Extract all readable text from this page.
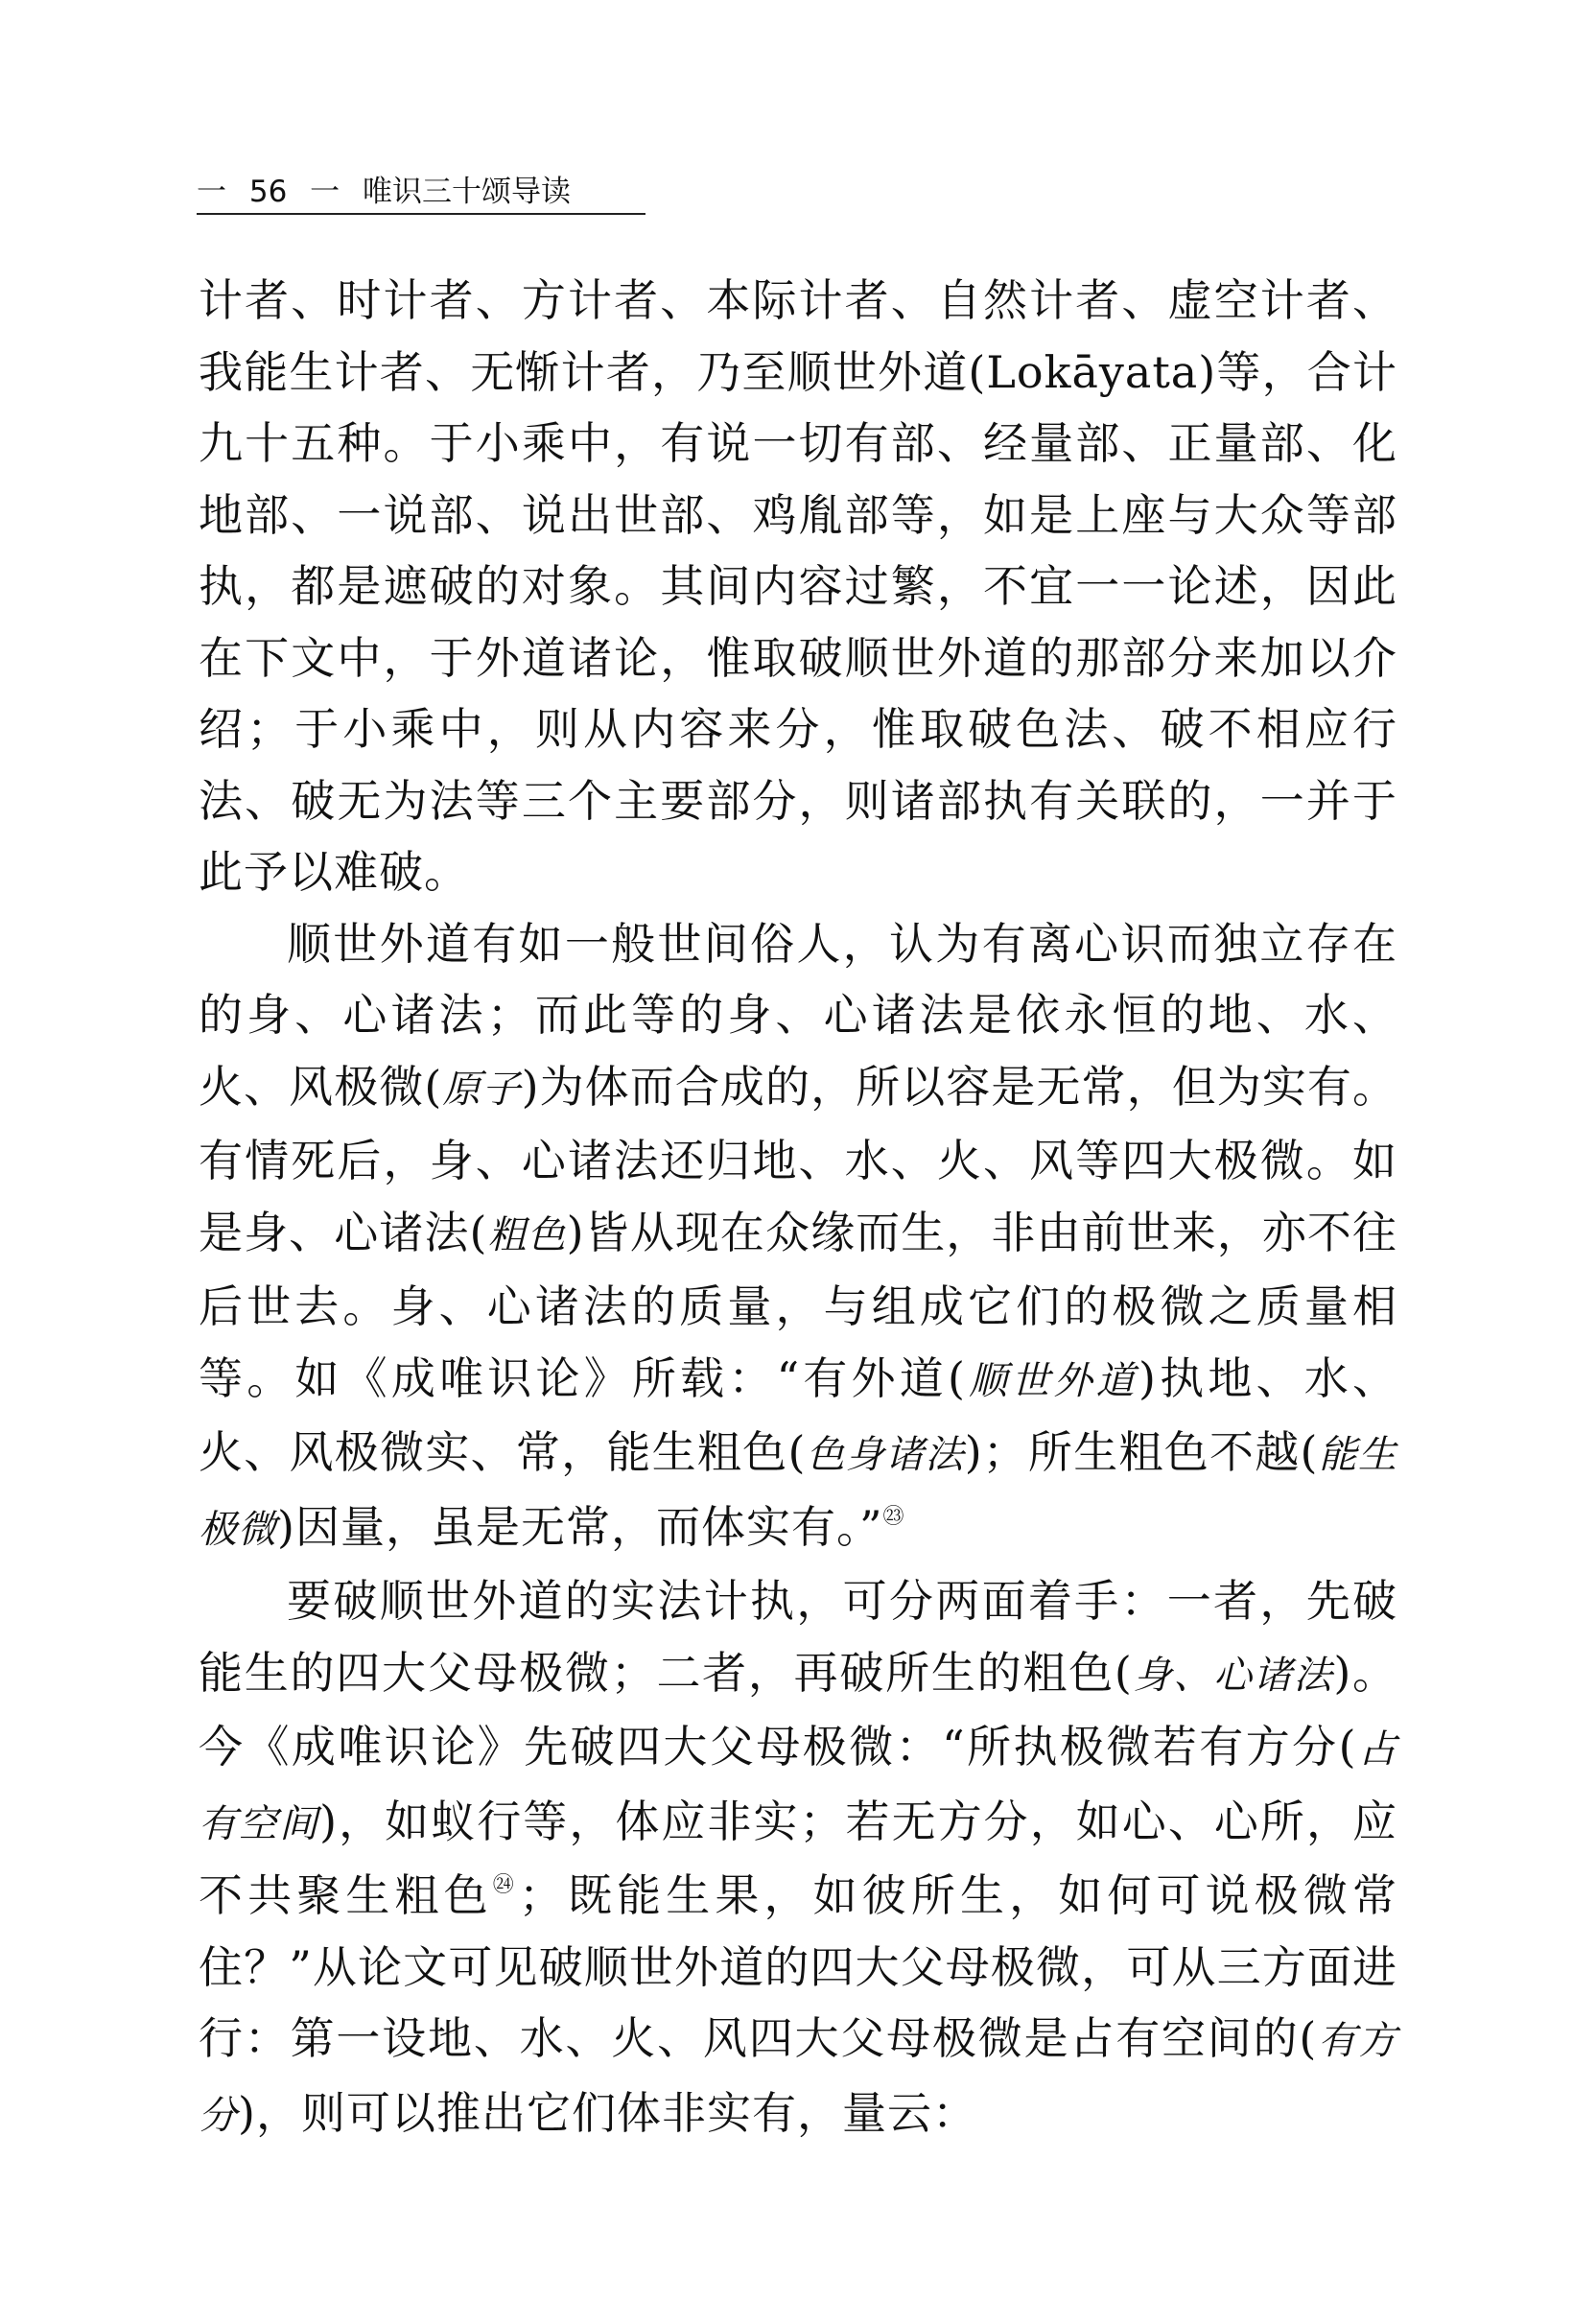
一 56 一 唯识三十颂导读

计者、时计者、方计者、本际计者、自然计者、虚空计者、我能生计者、无惭计者，乃至顺世外道(Lokāyata)等，合计九十五种。于小乘中，有说一切有部、经量部、正量部、化地部、一说部、说出世部、鸡胤部等，如是上座与大众等部执，都是遮破的对象。其间内容过繁，不宜一一论述，因此在下文中，于外道诸论，惟取破顺世外道的那部分来加以介绍；于小乘中，则从内容来分，惟取破色法、破不相应行法、破无为法等三个主要部分，则诸部执有关联的，一并于此予以难破。

顺世外道有如一般世间俗人，认为有离心识而独立存在的身、心诸法；而此等的身、心诸法是依永恒的地、水、火、风极微(原子)为体而合成的，所以容是无常，但为实有。有情死后，身、心诸法还归地、水、火、风等四大极微。如是身、心诸法(粗色)皆从现在众缘而生，非由前世来，亦不往后世去。身、心诸法的质量，与组成它们的极微之质量相等。如《成唯识论》所载：“有外道(顺世外道)执地、水、火、风极微实、常，能生粗色(色身诸法)；所生粗色不越(能生极微)因量，虽是无常，而体实有。”$^㉓$

要破顺世外道的实法计执，可分两面着手：一者，先破能生的四大父母极微；二者，再破所生的粗色(身、心诸法)。今《成唯识论》先破四大父母极微：“所执极微若有方分(占有空间)，如蚁行等，体应非实；若无方分，如心、心所，应不共聚生粗色$^㉔$；既能生果，如彼所生，如何可说极微常住？”从论文可见破顺世外道的四大父母极微，可从三方面进行：第一设地、水、火、风四大父母极微是占有空间的(有方分)，则可以推出它们体非实有，量云：
